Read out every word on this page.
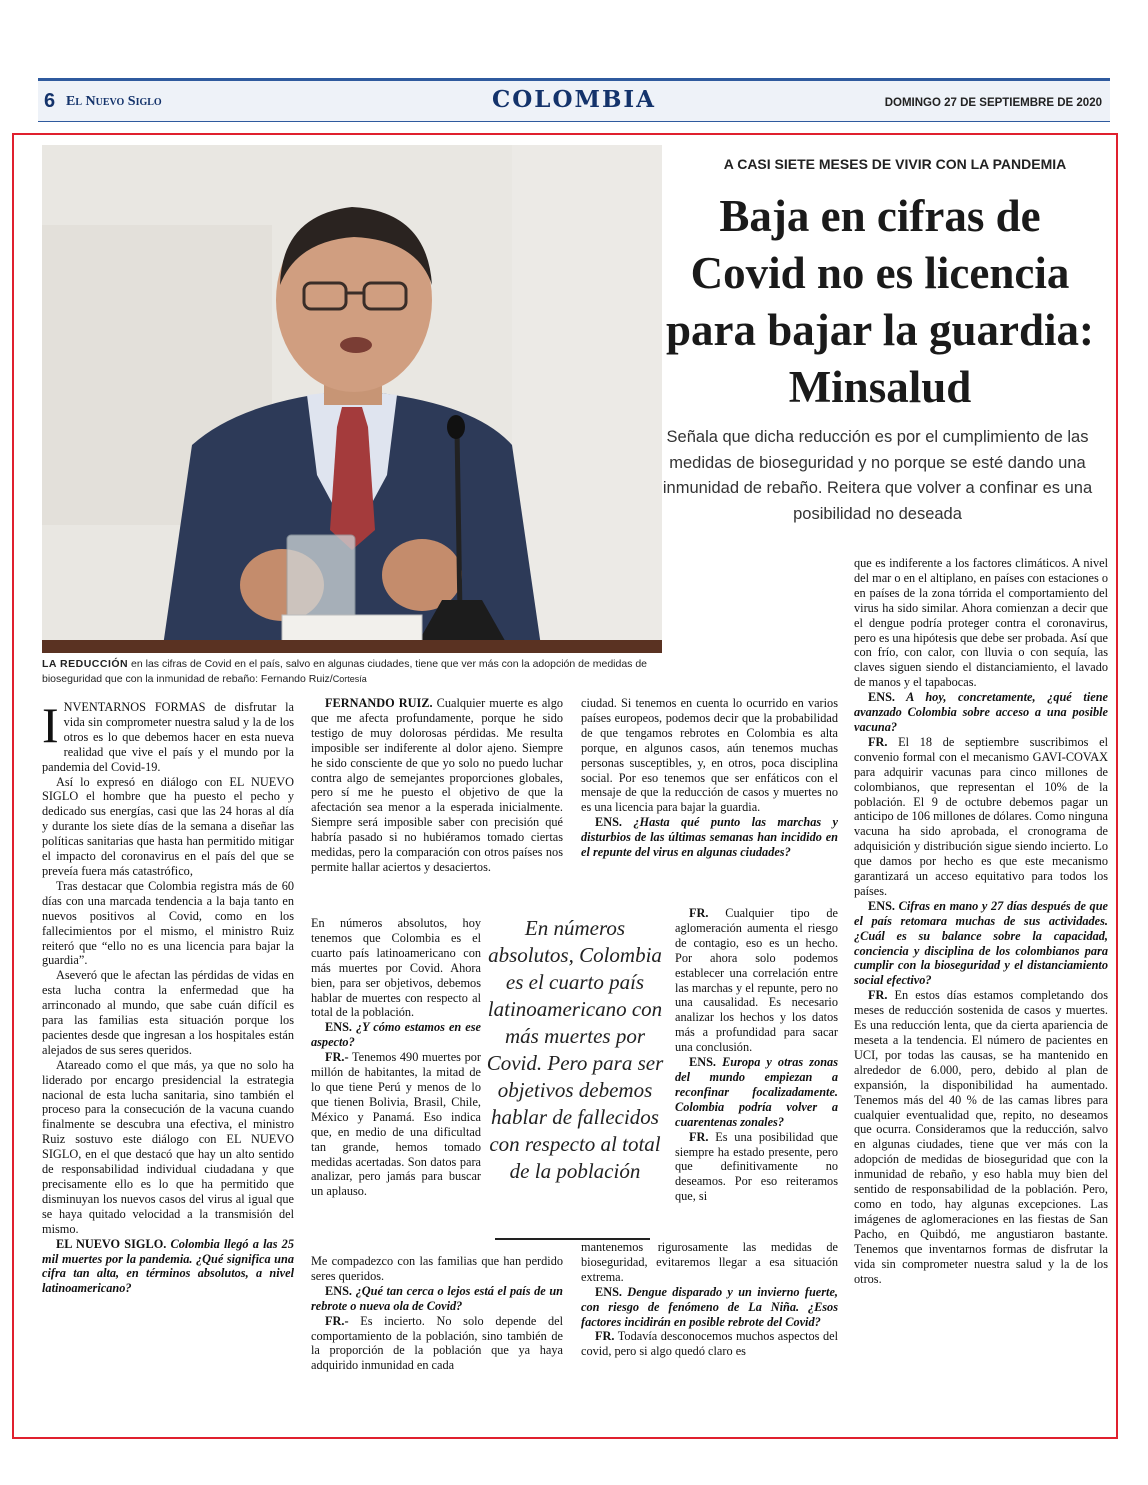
6 El Nuevo Siglo	COLOMBIA	DOMINGO 27 DE SEPTIEMBRE DE 2020
LA REDUCCIÓN en las cifras de Covid en el país, salvo en algunas ciudades, tiene que ver más con la adopción de medidas de bioseguridad que con la inmunidad de rebaño: Fernando Ruiz/Cortesía
A CASI SIETE MESES DE VIVIR CON LA PANDEMIA
Baja en cifras de Covid no es licencia para bajar la guardia: Minsalud
Señala que dicha reducción es por el cumplimiento de las medidas de bioseguridad y no porque se esté dando una inmunidad de rebaño. Reitera que volver a confinar es una posibilidad no deseada

INVENTARNOS FORMAS de disfrutar la vida sin comprometer nuestra salud y la de los otros es lo que debemos hacer en esta nueva realidad que vive el país y el mundo por la pandemia del Covid-19.

Así lo expresó en diálogo con EL NUEVO SIGLO el hombre que ha puesto el pecho y dedicado sus energías, casi que las 24 horas al día y durante los siete días de la semana a diseñar las políticas sanitarias que hasta han permitido mitigar el impacto del coronavirus en el país del que se preveía fuera más catastrófico,

Tras destacar que Colombia registra más de 60 días con una marcada tendencia a la baja tanto en nuevos positivos al Covid, como en los fallecimientos por el mismo, el ministro Ruiz reiteró que “ello no es una licencia para bajar la guardia”.

Aseveró que le afectan las pérdidas de vidas en esta lucha contra la enfermedad que ha arrinconado al mundo, que sabe cuán difícil es para las familias esta situación porque los pacientes desde que ingresan a los hospitales están alejados de sus seres queridos.

Atareado como el que más, ya que no solo ha liderado por encargo presidencial la estrategia nacional de esta lucha sanitaria, sino también el proceso para la consecución de la vacuna cuando finalmente se descubra una efectiva, el ministro Ruiz sostuvo este diálogo con EL NUEVO SIGLO, en el que destacó que hay un alto sentido de responsabilidad individual ciudadana y que precisamente ello es lo que ha permitido que disminuyan los nuevos casos del virus al igual que se haya quitado velocidad a la transmisión del mismo.

EL NUEVO SIGLO. Colombia llegó a las 25 mil muertes por la pandemia. ¿Qué significa una cifra tan alta, en términos absolutos, a nivel latinoamericano?

FERNANDO RUIZ. Cualquier muerte es algo que me afecta profundamente, porque he sido testigo de muy dolorosas pérdidas. Me resulta imposible ser indiferente al dolor ajeno. Siempre he sido consciente de que yo solo no puedo luchar contra algo de semejantes proporciones globales, pero sí me he puesto el objetivo de que la afectación sea menor a la esperada inicialmente. Siempre será imposible saber con precisión qué habría pasado si no hubiéramos tomado ciertas medidas, pero la comparación con otros países nos permite hallar aciertos y desaciertos.

En números absolutos, hoy tenemos que Colombia es el cuarto país latinoamericano con más muertes por Covid. Ahora bien, para ser objetivos, debemos hablar de muertes con respecto al total de la población.

ENS. ¿Y cómo estamos en ese aspecto?

FR.- Tenemos 490 muertes por millón de habitantes, la mitad de lo que tiene Perú y menos de lo que tienen Bolivia, Brasil, Chile, México y Panamá. Eso indica que, en medio de una dificultad tan grande, hemos tomado medidas acertadas. Son datos para analizar, pero jamás para buscar un aplauso.

Me compadezco con las familias que han perdido seres queridos.

ENS. ¿Qué tan cerca o lejos está el país de un rebrote o nueva ola de Covid?

FR.- Es incierto. No solo depende del comportamiento de la población, sino también de la proporción de la población que ya haya adquirido inmunidad en cada

En números absolutos, Colombia es el cuarto país latinoamericano con más muertes por Covid. Pero para ser objetivos debemos hablar de fallecidos con respecto al total de la población

ciudad. Si tenemos en cuenta lo ocurrido en varios países europeos, podemos decir que la probabilidad de que tengamos rebrotes en Colombia es alta porque, en algunos casos, aún tenemos muchas personas susceptibles, y, en otros, poca disciplina social. Por eso tenemos que ser enfáticos con el mensaje de que la reducción de casos y muertes no es una licencia para bajar la guardia.

ENS. ¿Hasta qué punto las marchas y disturbios de las últimas semanas han incidido en el repunte del virus en algunas ciudades?

FR. Cualquier tipo de aglomeración aumenta el riesgo de contagio, eso es un hecho. Por ahora solo podemos establecer una correlación entre las marchas y el repunte, pero no una causalidad. Es necesario analizar los hechos y los datos más a profundidad para sacar una conclusión.

ENS. Europa y otras zonas del mundo empiezan a reconfinar focalizadamente. Colombia podría volver a cuarentenas zonales?

FR. Es una posibilidad que siempre ha estado presente, pero que definitivamente no deseamos. Por eso reiteramos que, si

mantenemos rigurosamente las medidas de bioseguridad, evitaremos llegar a esa situación extrema.

ENS. Dengue disparado y un invierno fuerte, con riesgo de fenómeno de La Niña. ¿Esos factores incidirán en posible rebrote del Covid?

FR. Todavía desconocemos muchos aspectos del covid, pero si algo quedó claro es

que es indiferente a los factores climáticos. A nivel del mar o en el altiplano, en países con estaciones o en países de la zona tórrida el comportamiento del virus ha sido similar. Ahora comienzan a decir que el dengue podría proteger contra el coronavirus, pero es una hipótesis que debe ser probada. Así que con frío, con calor, con lluvia o con sequía, las claves siguen siendo el distanciamiento, el lavado de manos y el tapabocas.

ENS. A hoy, concretamente, ¿qué tiene avanzado Colombia sobre acceso a una posible vacuna?

FR. El 18 de septiembre suscribimos el convenio formal con el mecanismo GAVI-COVAX para adquirir vacunas para cinco millones de colombianos, que representan el 10% de la población. El 9 de octubre debemos pagar un anticipo de 106 millones de dólares. Como ninguna vacuna ha sido aprobada, el cronograma de adquisición y distribución sigue siendo incierto. Lo que damos por hecho es que este mecanismo garantizará un acceso equitativo para todos los países.

ENS. Cifras en mano y 27 días después de que el país retomara muchas de sus actividades. ¿Cuál es su balance sobre la capacidad, conciencia y disciplina de los colombianos para cumplir con la bioseguridad y el distanciamiento social efectivo?

FR. En estos días estamos completando dos meses de reducción sostenida de casos y muertes. Es una reducción lenta, que da cierta apariencia de meseta a la tendencia. El número de pacientes en UCI, por todas las causas, se ha mantenido en alrededor de 6.000, pero, debido al plan de expansión, la disponibilidad ha aumentado. Tenemos más del 40 % de las camas libres para cualquier eventualidad que, repito, no deseamos que ocurra. Consideramos que la reducción, salvo en algunas ciudades, tiene que ver más con la adopción de medidas de bioseguridad que con la inmunidad de rebaño, y eso habla muy bien del sentido de responsabilidad de la población. Pero, como en todo, hay algunas excepciones. Las imágenes de aglomeraciones en las fiestas de San Pacho, en Quibdó, me angustiaron bastante. Tenemos que inventarnos formas de disfrutar la vida sin comprometer nuestra salud y la de los otros.
